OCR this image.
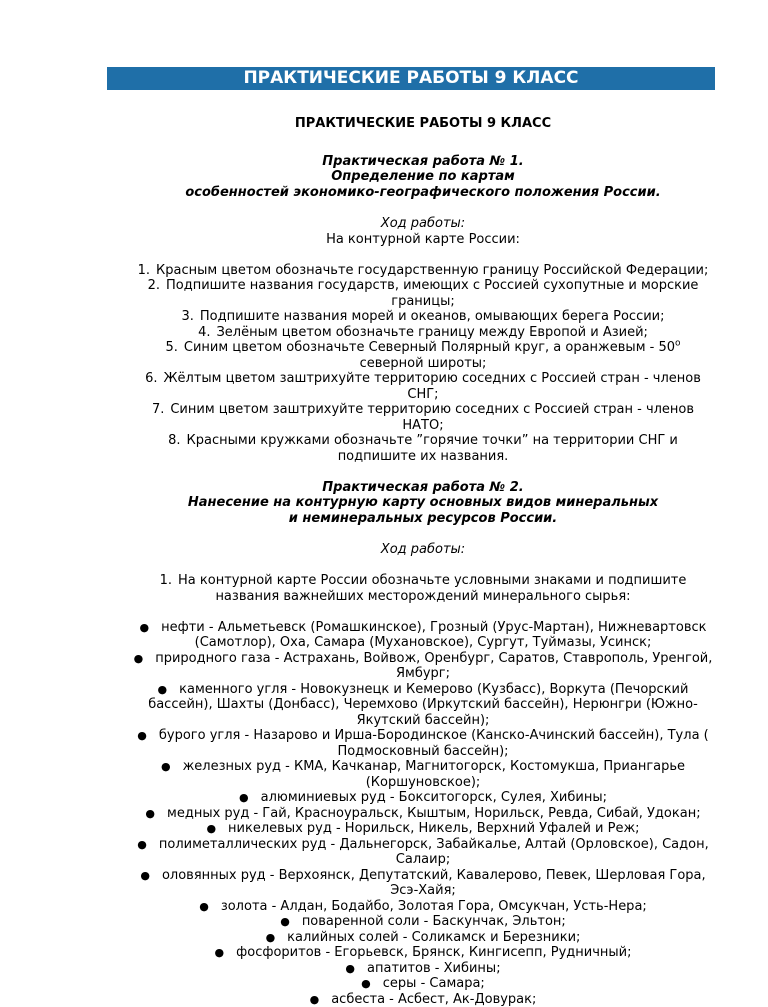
ПРАКТИЧЕСКИЕ РАБОТЫ 9 КЛАСС
ПРАКТИЧЕСКИЕ РАБОТЫ 9 КЛАСС
Практическая работа № 1.
Определение по картам
особенностей экономико-географического положения России.
Ход работы:
На контурной карте России:
1. Красным цветом обозначьте государственную границу Российской Федерации;
2. Подпишите названия государств, имеющих с Россией сухопутные и морские границы;
3. Подпишите названия морей и океанов, омывающих берега России;
4. Зелёным цветом обозначьте границу между Европой и Азией;
5. Синим цветом обозначьте Северный Полярный круг, а оранжевым - $50^о$ северной широты;
6. Жёлтым цветом заштрихуйте территорию соседних с Россией стран - членов СНГ;
7. Синим цветом заштрихуйте территорию соседних с Россией стран - членов НАТО;
8. Красными кружками обозначьте ”горячие точки” на территории СНГ и подпишите их названия.
Практическая работа № 2.
Нанесение на контурную карту основных видов минеральных
и неминеральных ресурсов России.
Ход работы:
1. На контурной карте России обозначьте условными знаками и подпишите названия важнейших месторождений минерального сырья:
● нефти - Альметьевск (Ромашкинское), Грозный (Урус-Мартан), Нижневартовск (Самотлор), Оха, Самара (Мухановское), Сургут, Туймазы, Усинск;
● природного газа - Астрахань, Войвож, Оренбург, Саратов, Ставрополь, Уренгой, Ямбург;
● каменного угля - Новокузнецк и Кемерово (Кузбасс), Воркута (Печорский бассейн), Шахты (Донбасс), Черемхово (Иркутский бассейн), Нерюнгри (Южно-Якутский бассейн);
● бурого угля - Назарово и Ирша-Бородинское (Канско-Ачинский бассейн), Тула ( Подмосковный бассейн);
● железных руд - КМА, Качканар, Магнитогорск, Костомукша, Приангарье (Коршуновское);
● алюминиевых руд - Бокситогорск, Сулея, Хибины;
● медных руд - Гай, Красноуральск, Кыштым, Норильск, Ревда, Сибай, Удокан;
● никелевых руд - Норильск, Никель, Верхний Уфалей и Реж;
● полиметаллических руд - Дальнегорск, Забайкалье, Алтай (Орловское), Садон, Салаир;
● оловянных руд - Верхоянск, Депутатский, Кавалерово, Певек, Шерловая Гора, Эсэ-Хайя;
● золота - Алдан, Бодайбо, Золотая Гора, Омсукчан, Усть-Нера;
● поваренной соли - Баскунчак, Эльтон;
● калийных солей - Соликамск и Березники;
● фосфоритов - Егорьевск, Брянск, Кингисепп, Рудничный;
● апатитов - Хибины;
● серы - Самара;
● асбеста - Асбест, Ак-Довурак;
